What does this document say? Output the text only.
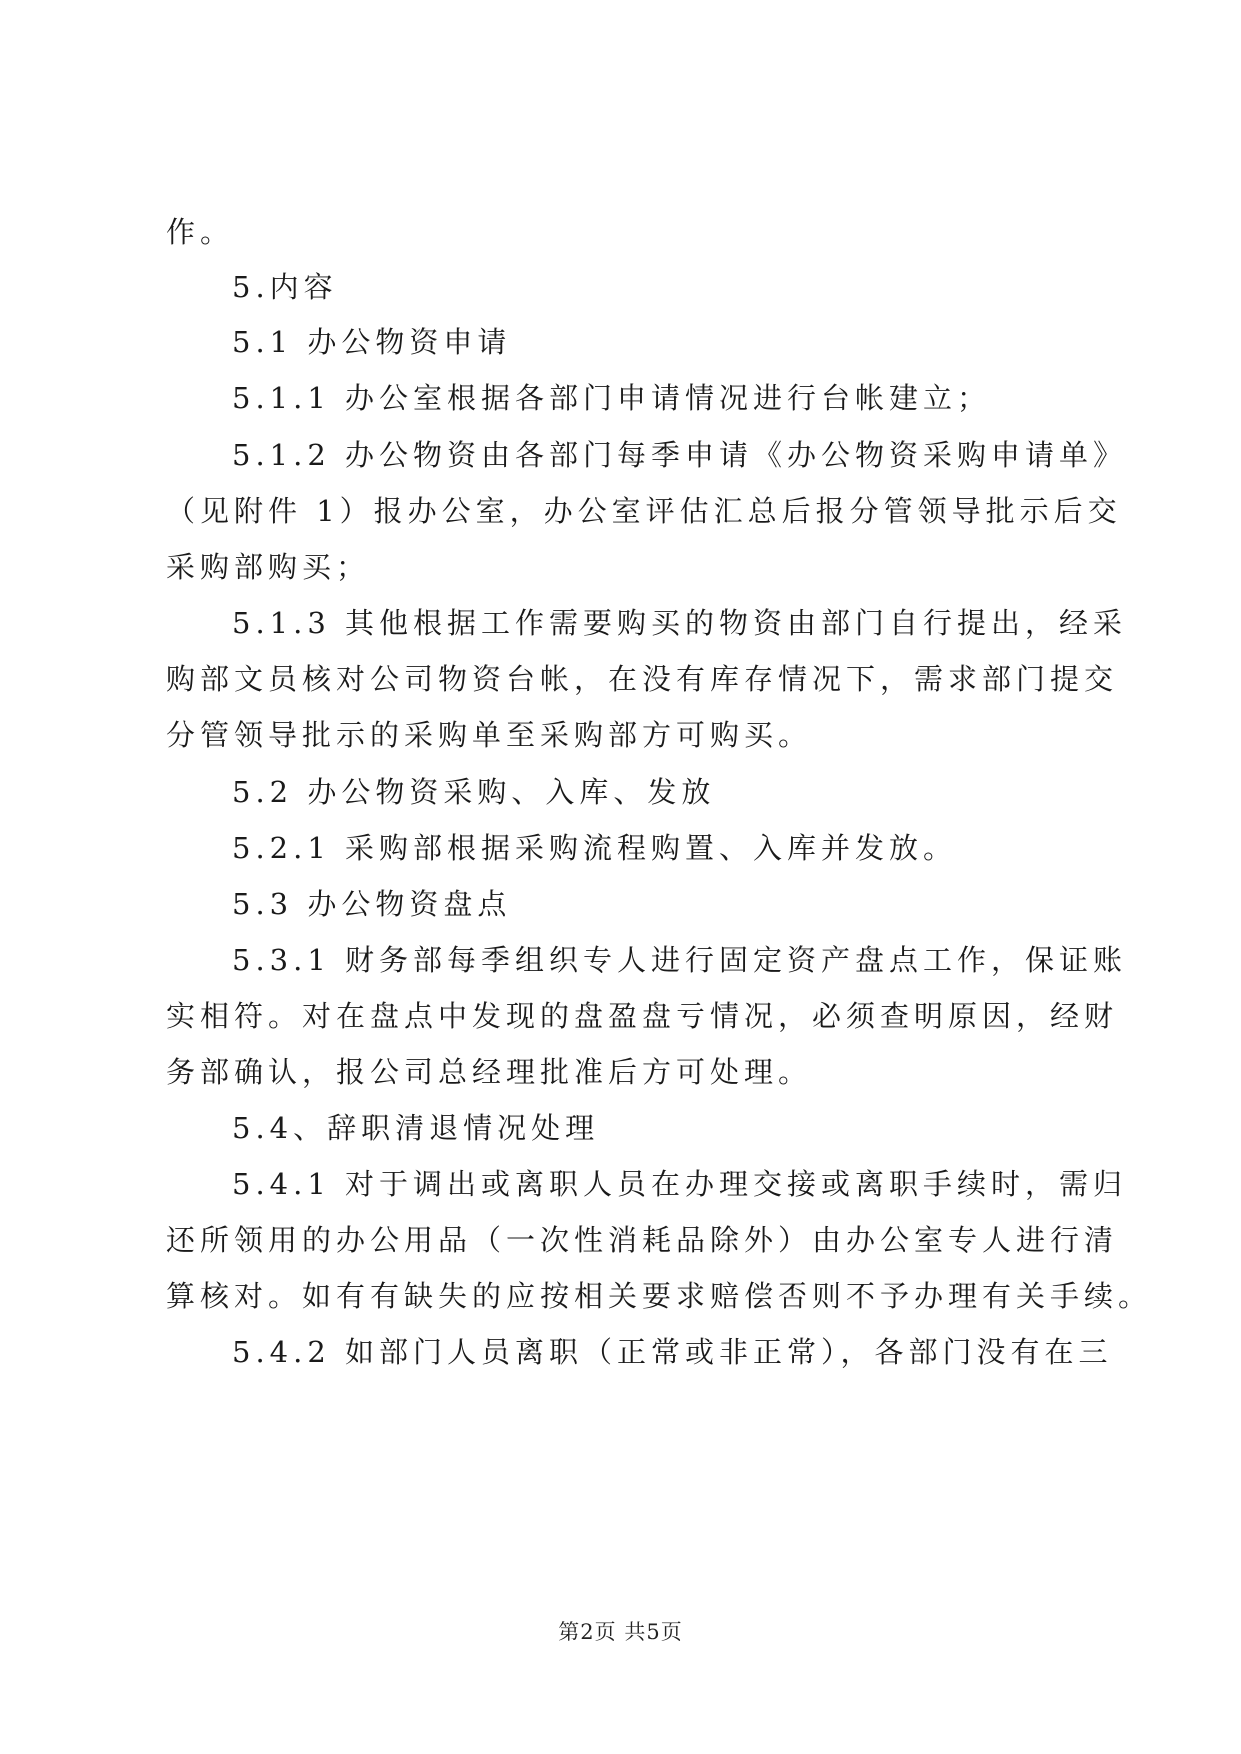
作。
5.内容
5.1 办公物资申请
5.1.1 办公室根据各部门申请情况进行台帐建立；
5.1.2 办公物资由各部门每季申请《办公物资采购申请单》
（见附件 1）报办公室，办公室评估汇总后报分管领导批示后交
采购部购买；
5.1.3 其他根据工作需要购买的物资由部门自行提出，经采
购部文员核对公司物资台帐，在没有库存情况下，需求部门提交
分管领导批示的采购单至采购部方可购买。
5.2 办公物资采购、入库、发放
5.2.1 采购部根据采购流程购置、入库并发放。
5.3 办公物资盘点
5.3.1 财务部每季组织专人进行固定资产盘点工作，保证账
实相符。对在盘点中发现的盘盈盘亏情况，必须查明原因，经财
务部确认，报公司总经理批准后方可处理。
5.4、辞职清退情况处理
5.4.1 对于调出或离职人员在办理交接或离职手续时，需归
还所领用的办公用品（一次性消耗品除外）由办公室专人进行清
算核对。如有有缺失的应按相关要求赔偿否则不予办理有关手续。
5.4.2 如部门人员离职（正常或非正常），各部门没有在三
第2页 共5页
